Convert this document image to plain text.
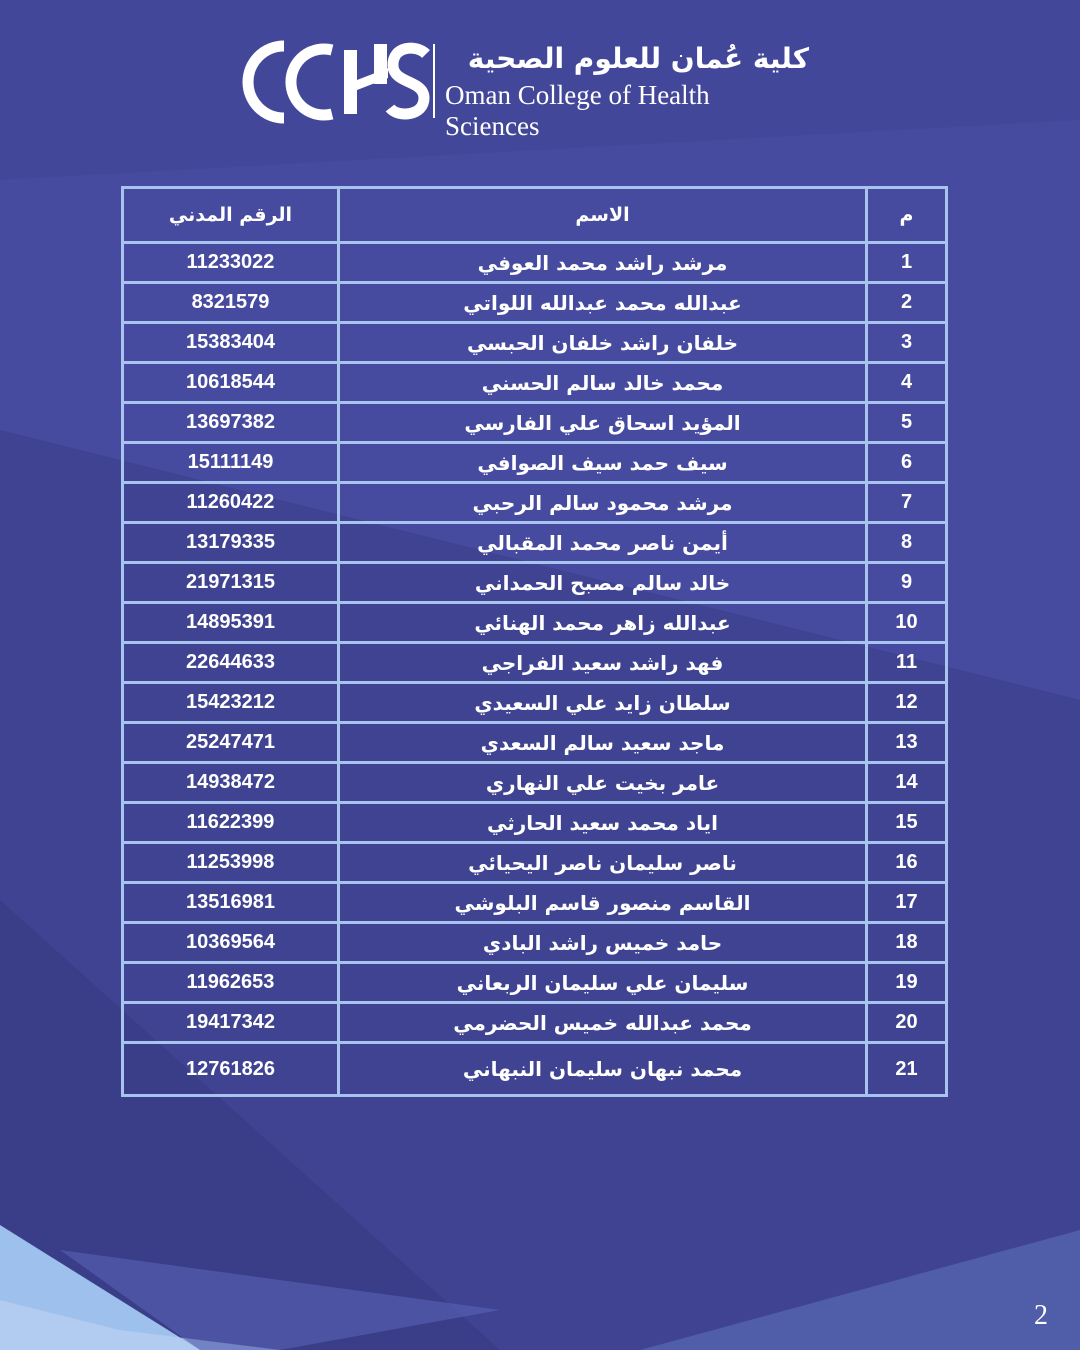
كلية عُمان للعلوم الصحية
Oman College of Health Sciences
الرقم المدني	الاسم	م
11233022	مرشد راشد محمد العوفي	1
8321579	عبدالله محمد عبدالله اللواتي	2
15383404	خلفان راشد خلفان الحبسي	3
10618544	محمد خالد سالم الحسني	4
13697382	المؤيد اسحاق علي الفارسي	5
15111149	سيف حمد سيف الصوافي	6
11260422	مرشد محمود سالم الرحبي	7
13179335	أيمن ناصر محمد المقبالي	8
21971315	خالد سالم مصبح الحمداني	9
14895391	عبدالله زاهر محمد الهنائي	10
22644633	فهد راشد سعيد الفراجي	11
15423212	سلطان زايد علي السعيدي	12
25247471	ماجد سعيد سالم السعدي	13
14938472	عامر بخيت علي النهاري	14
11622399	اياد محمد سعيد الحارثي	15
11253998	ناصر سليمان ناصر اليحيائي	16
13516981	القاسم منصور قاسم البلوشي	17
10369564	حامد خميس راشد البادي	18
11962653	سليمان علي سليمان الربعاني	19
19417342	محمد عبدالله خميس الحضرمي	20
12761826	محمد نبهان سليمان النبهاني	21
2
